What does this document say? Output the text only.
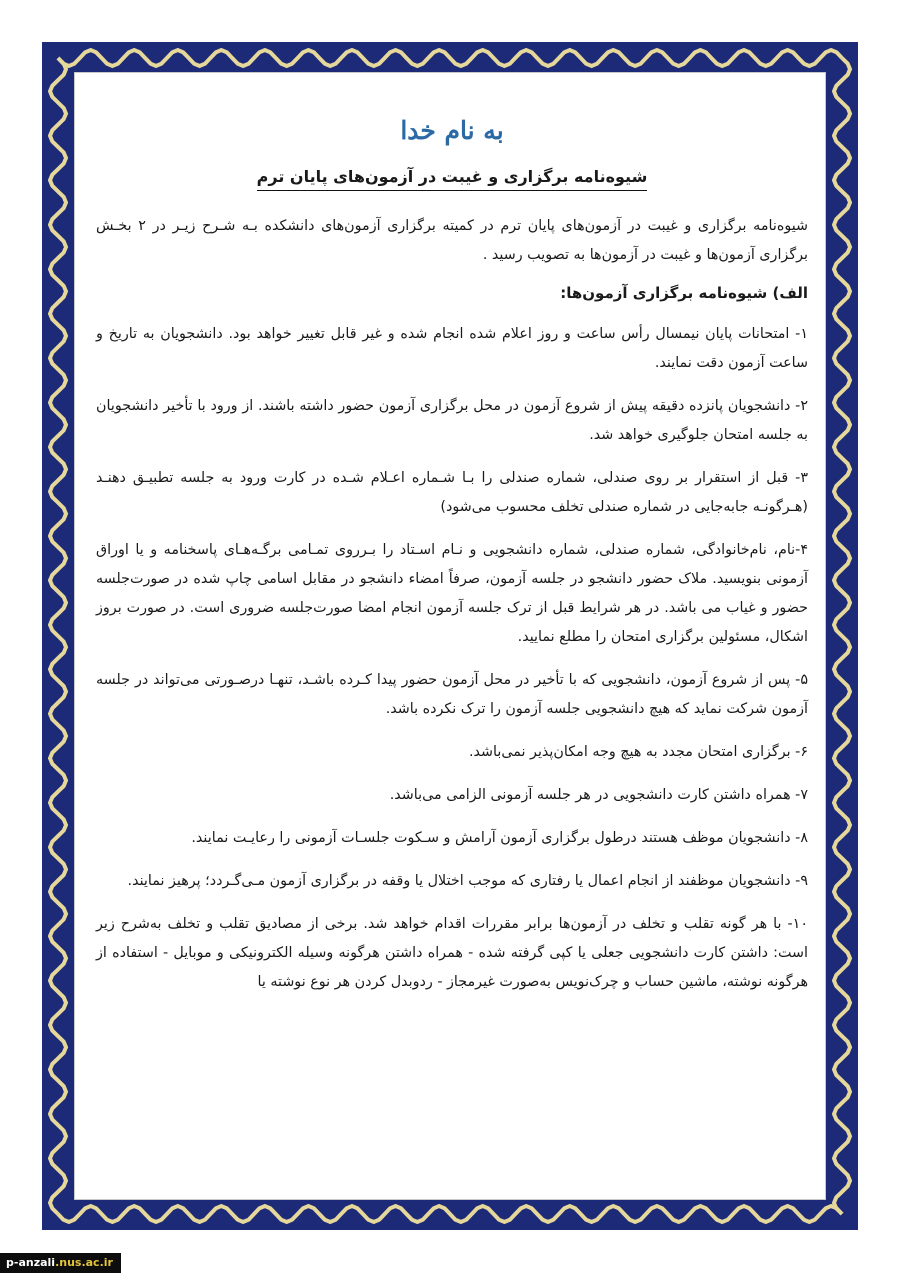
به نام خدا
شیوه‌نامه برگزاری و غیبت در آزمون‌های پایان ترم

شیوه‌نامه برگزاری و غیبت در آزمون‌های پایان ترم در کمیته برگزاری آزمون‌های دانشکده بـه شـرح زیـر در ۲ بخـش برگزاری آزمون‌ها و غیبت در آزمون‌ها به تصویب رسید .

الف) شیوه‌نامه برگزاری آزمون‌ها:

۱- امتحانات پایان نیمسال رأس ساعت و روز اعلام شده انجام شده و غیر قابل تغییر خواهد بود. دانشجویان به تاریخ و ساعت آزمون دقت نمایند.

۲- دانشجویان پانزده دقیقه پیش از شروع آزمون در محل برگزاری آزمون حضور داشته باشند. از ورود با تأخیر دانشجویان به جلسه امتحان جلوگیری خواهد شد.

۳- قبل از استقرار بر روی صندلی، شماره صندلی را بـا شـماره اعـلام شـده در کارت ورود به جلسه تطبیـق دهنـد (هـرگونـه جابه‌جایی در شماره صندلی تخلف محسوب می‌شود)

۴-نام، نام‌خانوادگی، شماره صندلی، شماره دانشجویی و نـام اسـتاد را بـرروی تمـامی برگـه‌هـای پاسخنامه و یا اوراق آزمونی بنویسید. ملاک حضور دانشجو در جلسه آزمون، صرفاً امضاء دانشجو در مقابل اسامی چاپ شده در صورت‌جلسه حضور و غیاب می باشد. در هر شرایط قبل از ترک جلسه آزمون انجام امضا صورت‌جلسه ضروری است. در صورت بروز اشکال، مسئولین برگزاری امتحان را مطلع نمایید.

۵- پس از شروع آزمون، دانشجویی که با تأخیر در محل آزمون حضور پیدا کـرده باشـد، تنهـا درصـورتی می‌تواند در جلسه آزمون شرکت نماید که هیچ دانشجویی جلسه آزمون را ترک نکرده باشد.

۶- برگزاری امتحان مجدد به هیچ وجه امکان‌پذیر نمی‌باشد.

۷- همراه داشتن کارت دانشجویی در هر جلسه آزمونی الزامی می‌باشد.

۸- دانشجویان موظف هستند درطول برگزاری آزمون آرامش و سـکوت جلسـات آزمونی را رعایـت نمایند.

۹- دانشجویان موظفند از انجام اعمال یا رفتاری که موجب اختلال یا وقفه در برگزاری آزمون مـی‌گـردد؛ پرهیز نمایند.

۱۰- با هر گونه تقلب و تخلف در آزمون‌ها برابر مقررات اقدام خواهد شد. برخی از مصادیق تقلب و تخلف به‌شرح زیر است: داشتن کارت دانشجویی جعلی یا کپی گرفته شده - همراه داشتن هرگونه وسیله الکترونیکی و موبایل - استفاده از هرگونه نوشته، ماشین حساب و چرک‌نویس به‌صورت غیرمجاز - ردوبدل کردن هر نوع نوشته یا

p-anzali.nus.ac.ir
